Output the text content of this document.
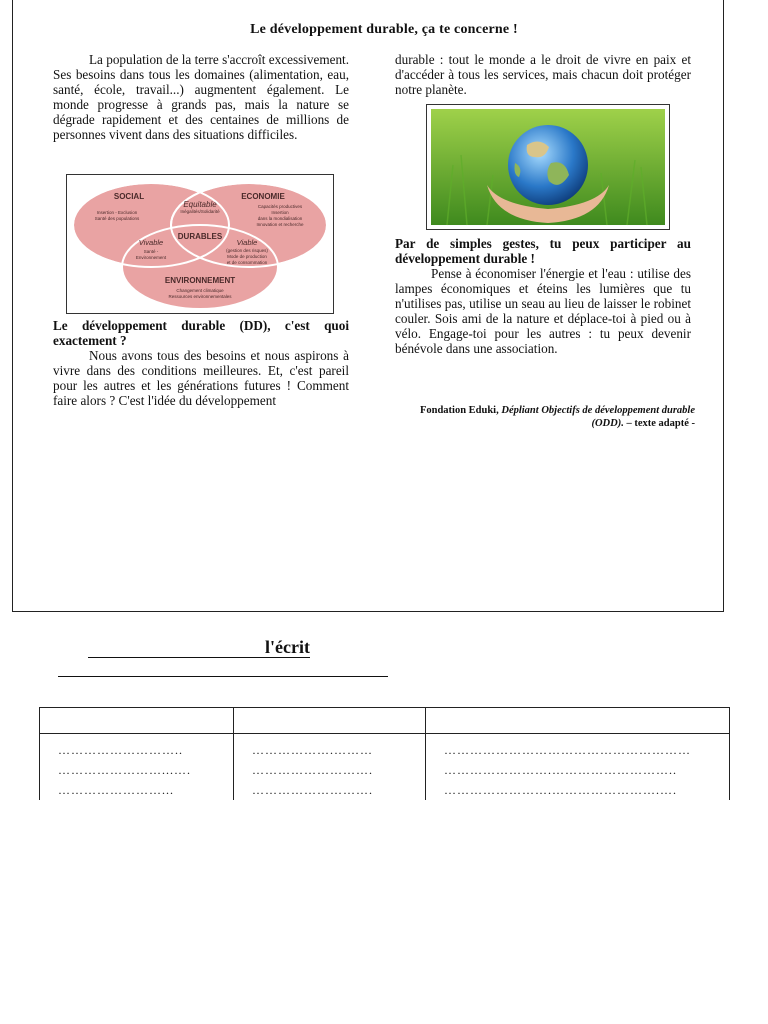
Le développement durable, ça te concerne !

La population de la terre s'accroît excessivement. Ses besoins dans tous les domaines (alimentation, eau, santé, école, travail...) augmentent également. Le monde progresse à grands pas, mais la nature se dégrade rapidement et des centaines de millions de personnes vivent dans des situations difficiles.

SOCIAL
Insertion - Exclusion
Santé des populations
ECONOMIE
Capacités productives
Insertion
dans la mondialisation
Innovation et recherche
Equitable
Inégalités/Solidarité
DURABLES
Vivable
Santé -
Environnement
Viable
(gestion des risques)
Mode de production
et de consommation
ENVIRONNEMENT
Changement climatique
Ressources environnementales

Le développement durable (DD), c'est quoi exactement ?

Nous avons tous des besoins et nous aspirons à vivre dans des conditions meilleures. Et, c'est pareil pour les autres et les générations futures ! Comment faire alors ? C'est l'idée du développement

durable : tout le monde a le droit de vivre en paix et d'accéder à tous les services, mais chacun doit protéger notre planète.

Par de simples gestes, tu peux participer au développement durable !

Pense à économiser l'énergie et l'eau : utilise des lampes économiques et éteins les lumières que tu n'utilises pas, utilise un seau au lieu de laisser le robinet couler. Sois ami de la nature et déplace-toi à pied ou à vélo. Engage-toi pour les autres : tu peux devenir bénévole dans une association.

Fondation Eduki, Dépliant Objectifs de développement durable (ODD). – texte adapté -
l'écrit

………………………..	……………….………	…………………………………………………
……………………...….	……………………….	…………………….………………………..
……………………...	……………………….	…………………….…………………….….
